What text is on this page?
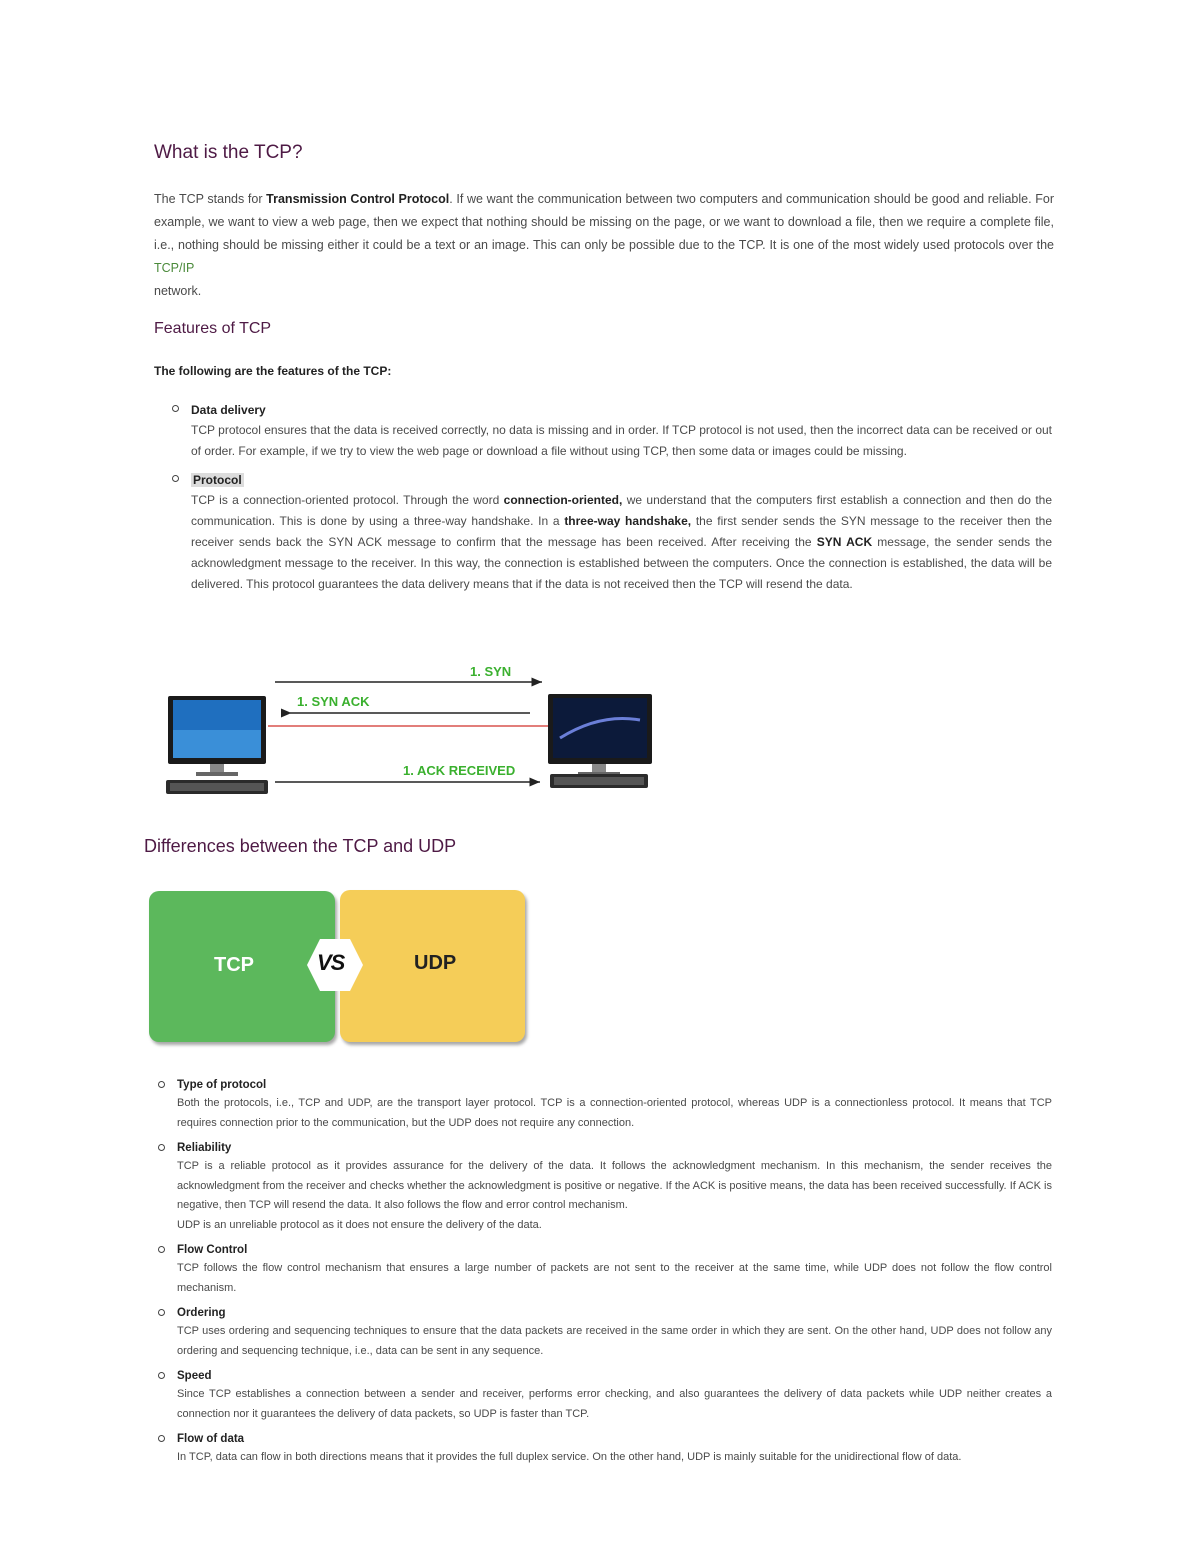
What is the TCP?

The TCP stands for Transmission Control Protocol. If we want the communication between two computers and communication should be good and reliable. For example, we want to view a web page, then we expect that nothing should be missing on the page, or we want to download a file, then we require a complete file, i.e., nothing should be missing either it could be a text or an image. This can only be possible due to the TCP. It is one of the most widely used protocols over the TCP/IP
network.

Features of TCP

The following are the features of the TCP:

Data delivery
TCP protocol ensures that the data is received correctly, no data is missing and in order. If TCP protocol is not used, then the incorrect data can be received or out of order. For example, if we try to view the web page or download a file without using TCP, then some data or images could be missing.
Protocol
TCP is a connection-oriented protocol. Through the word connection-oriented, we understand that the computers first establish a connection and then do the communication. This is done by using a three-way handshake. In a three-way handshake, the first sender sends the SYN message to the receiver then the receiver sends back the SYN ACK message to confirm that the message has been received. After receiving the SYN ACK message, the sender sends the acknowledgment message to the receiver. In this way, the connection is established between the computers. Once the connection is established, the data will be delivered. This protocol guarantees the data delivery means that if the data is not received then the TCP will resend the data.
1. SYN
1. SYN ACK
1. ACK RECEIVED
Differences between the TCP and UDP
TCP	UDP
VS
Type of protocol
Both the protocols, i.e., TCP and UDP, are the transport layer protocol. TCP is a connection-oriented protocol, whereas UDP is a connectionless protocol. It means that TCP requires connection prior to the communication, but the UDP does not require any connection.
Reliability
TCP is a reliable protocol as it provides assurance for the delivery of the data. It follows the acknowledgment mechanism. In this mechanism, the sender receives the acknowledgment from the receiver and checks whether the acknowledgment is positive or negative. If the ACK is positive means, the data has been received successfully. If ACK is negative, then TCP will resend the data. It also follows the flow and error control mechanism.
UDP is an unreliable protocol as it does not ensure the delivery of the data.
Flow Control
TCP follows the flow control mechanism that ensures a large number of packets are not sent to the receiver at the same time, while UDP does not follow the flow control mechanism.
Ordering
TCP uses ordering and sequencing techniques to ensure that the data packets are received in the same order in which they are sent. On the other hand, UDP does not follow any ordering and sequencing technique, i.e., data can be sent in any sequence.
Speed
Since TCP establishes a connection between a sender and receiver, performs error checking, and also guarantees the delivery of data packets while UDP neither creates a connection nor it guarantees the delivery of data packets, so UDP is faster than TCP.
Flow of data
In TCP, data can flow in both directions means that it provides the full duplex service. On the other hand, UDP is mainly suitable for the unidirectional flow of data.
